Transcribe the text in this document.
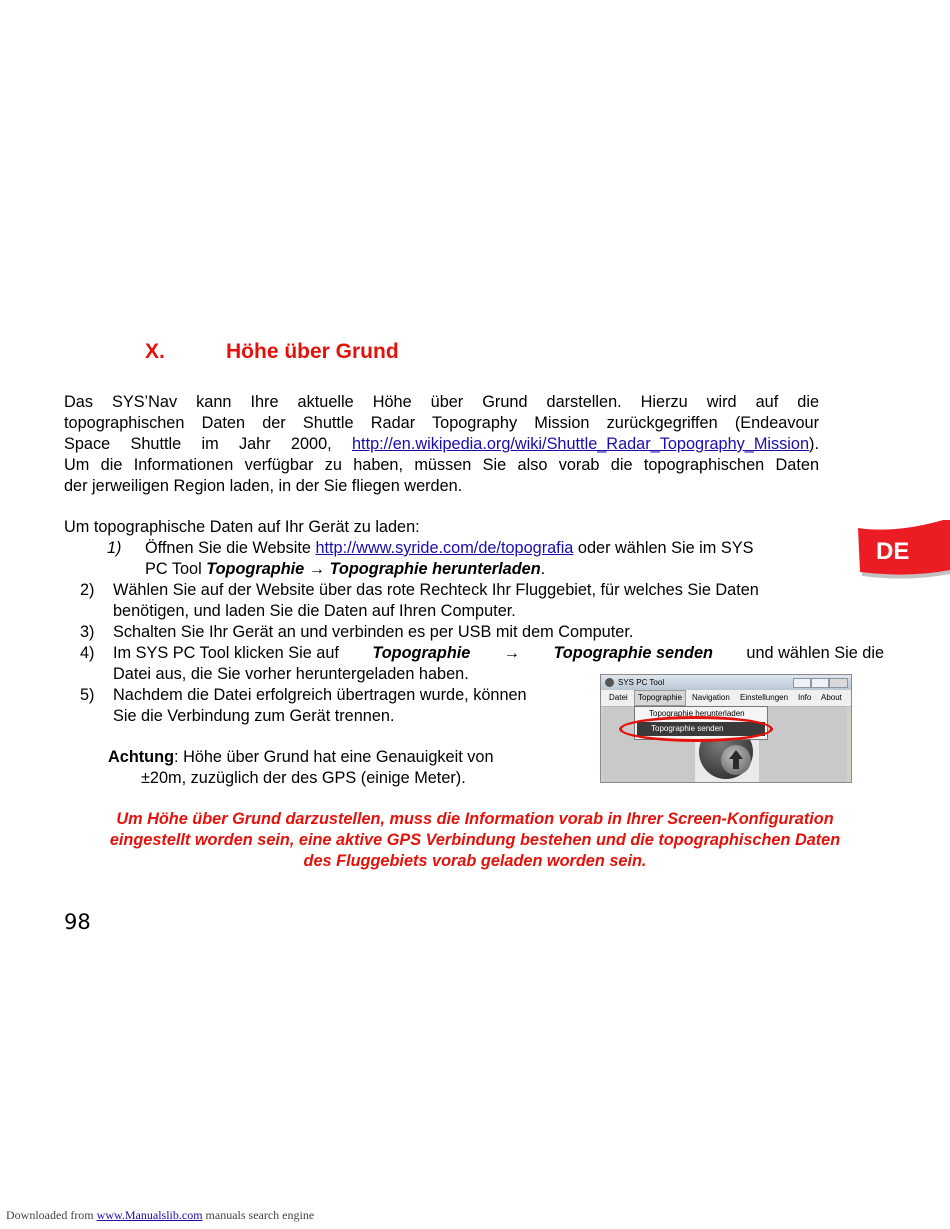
X.	Höhe über Grund
Das SYS’Nav kann Ihre aktuelle Höhe über Grund darstellen. Hierzu wird auf die
topographischen Daten der Shuttle Radar Topography Mission zurückgegriffen (Endeavour
Space Shuttle im Jahr 2000, http://en.wikipedia.org/wiki/Shuttle_Radar_Topography_Mission).
Um die Informationen verfügbar zu haben, müssen Sie also vorab die topographischen Daten
der jerweiligen Region laden, in der Sie fliegen werden.
Um topographische Daten auf Ihr Gerät zu laden:
1) Öffnen Sie die Website http://www.syride.com/de/topografia oder wählen Sie im SYS
PC Tool Topographie → Topographie herunterladen.
2) Wählen Sie auf der Website über das rote Rechteck Ihr Fluggebiet, für welches Sie Daten
benötigen, und laden Sie die Daten auf Ihren Computer.
3) Schalten Sie Ihr Gerät an und verbinden es per USB mit dem Computer.
4) Im SYS PC Tool klicken Sie auf Topographie → Topographie senden und wählen Sie die
Datei aus, die Sie vorher heruntergeladen haben.
5) Nachdem die Datei erfolgreich übertragen wurde, können
Sie die Verbindung zum Gerät trennen.
Achtung: Höhe über Grund hat eine Genauigkeit von
±20m, zuzüglich der des GPS (einige Meter).
Um Höhe über Grund darzustellen, muss die Information vorab in Ihrer Screen-Konfiguration
eingestellt worden sein, eine aktive GPS Verbindung bestehen und die topographischen Daten
des Fluggebiets vorab geladen worden sein.
98
DE
SYS PC Tool
Datei	Topographie	Navigation Einstellungen Info About
Topographie herunterladen
Topographie senden
Downloaded from www.Manualslib.com manuals search engine
